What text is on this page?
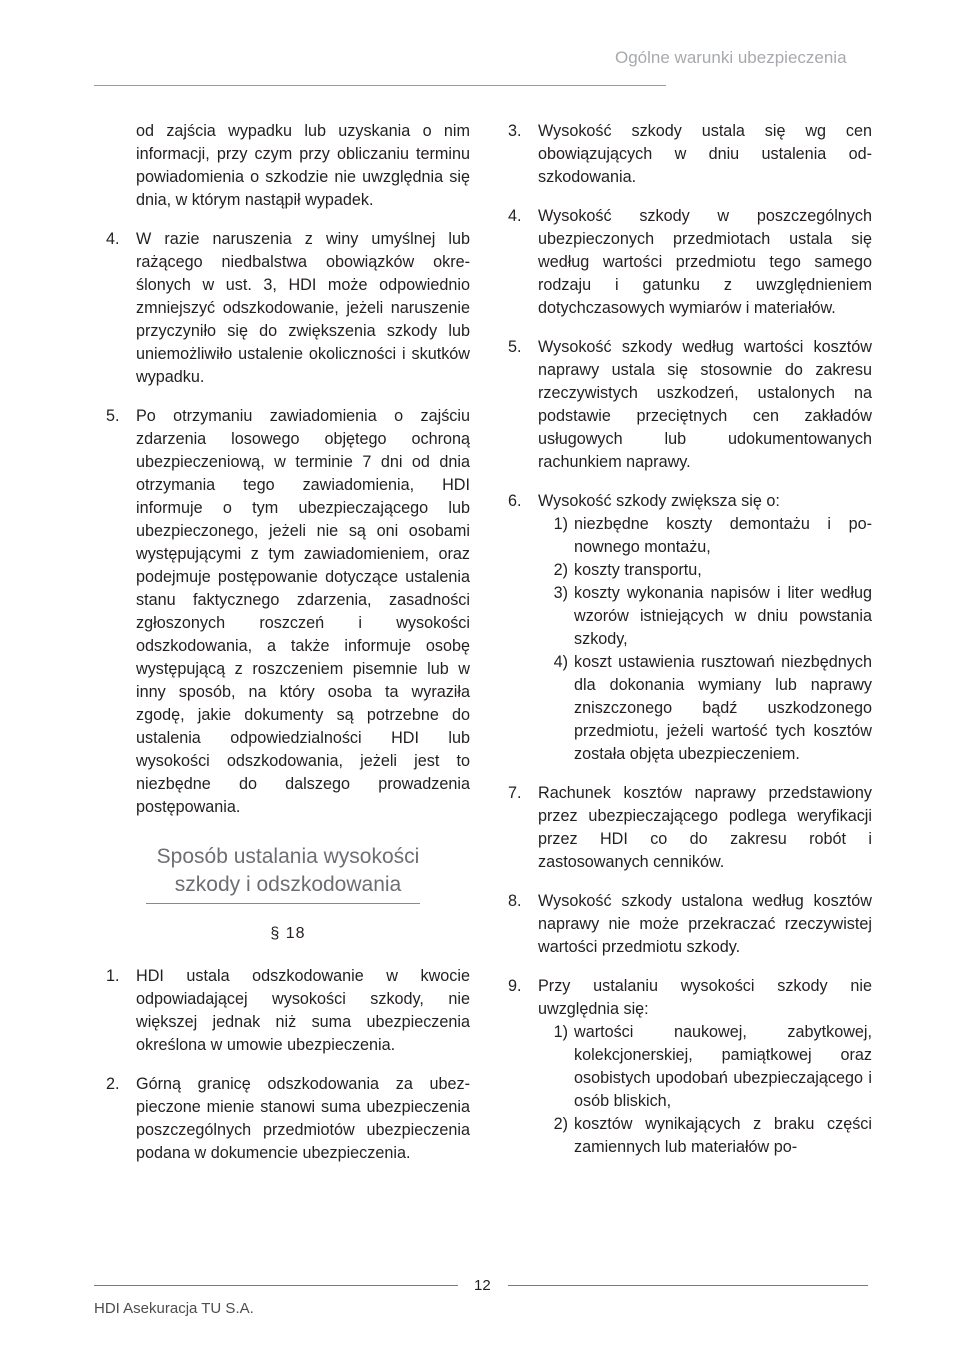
Ogólne warunki ubezpieczenia
od zajścia wypadku lub uzyskania o nim informacji, przy czym przy obliczaniu terminu powiadomienia o szkodzie nie uwzględnia się dnia, w którym nastąpił wypadek.
4.	W razie naruszenia z winy umyślnej lub rażącego niedbalstwa obowiązków określonych w ust. 3, HDI może odpowiednio zmniejszyć odszkodowanie, jeżeli naruszenie przyczyniło się do zwiększenia szkody lub uniemożliwiło ustalenie okoliczności i skutków wypadku.
5.	Po otrzymaniu zawiadomienia o zajściu zdarzenia losowego objętego ochroną ubezpieczeniową, w terminie 7 dni od dnia otrzymania tego zawiadomienia, HDI informuje o tym ubezpieczającego lub ubezpieczonego, jeżeli nie są oni osobami występującymi z tym zawiadomieniem, oraz podejmuje postępowanie dotyczące ustalenia stanu faktycznego zdarzenia, zasadności zgłoszonych roszczeń i wysokości odszkodowania, a także informuje osobę występującą z roszczeniem pisemnie lub w inny sposób, na który osoba ta wyraziła zgodę, jakie dokumenty są potrzebne do ustalenia odpowiedzialności HDI lub wysokości odszkodowania, jeżeli jest to niezbędne do dalszego prowadzenia postępowania.
Sposób ustalania wysokości
szkody i odszkodowania
§ 18
1.	HDI ustala odszkodowanie w kwocie odpowiadającej wysokości szkody, nie większej jednak niż suma ubezpieczenia określona w umowie ubezpieczenia.
2.	Górną granicę odszkodowania za ubezpieczone mienie stanowi suma ubezpieczenia poszczególnych przedmiotów ubezpieczenia podana w dokumencie ubezpieczenia.
3.	Wysokość szkody ustala się wg cen obowiązujących w dniu ustalenia odszkodowania.
4.	Wysokość szkody w poszczególnych ubezpieczonych przedmiotach ustala się według wartości przedmiotu tego samego rodzaju i gatunku z uwzględnieniem dotychczasowych wymiarów i materiałów.
5.	Wysokość szkody według wartości kosztów naprawy ustala się stosownie do zakresu rzeczywistych uszkodzeń, ustalonych na podstawie przeciętnych cen zakładów usługowych lub udokumentowanych rachunkiem naprawy.
6.	Wysokość szkody zwiększa się o:
1) niezbędne koszty demontażu i ponownego montażu,
2) koszty transportu,
3) koszty wykonania napisów i liter według wzorów istniejących w dniu powstania szkody,
4) koszt ustawienia rusztowań niezbędnych dla dokonania wymiany lub naprawy zniszczonego bądź uszkodzonego przedmiotu, jeżeli wartość tych kosztów została objęta ubezpieczeniem.
7.	Rachunek kosztów naprawy przedstawiony przez ubezpieczającego podlega weryfikacji przez HDI co do zakresu robót i zastosowanych cenników.
8.	Wysokość szkody ustalona według kosztów naprawy nie może przekraczać rzeczywistej wartości przedmiotu szkody.
9.	Przy ustalaniu wysokości szkody nie uwzględnia się:
1) wartości naukowej, zabytkowej, kolekcjonerskiej, pamiątkowej oraz osobistych upodobań ubezpieczającego i osób bliskich,
2) kosztów wynikających z braku części zamiennych lub materiałów po-
12
HDI Asekuracja TU S.A.
